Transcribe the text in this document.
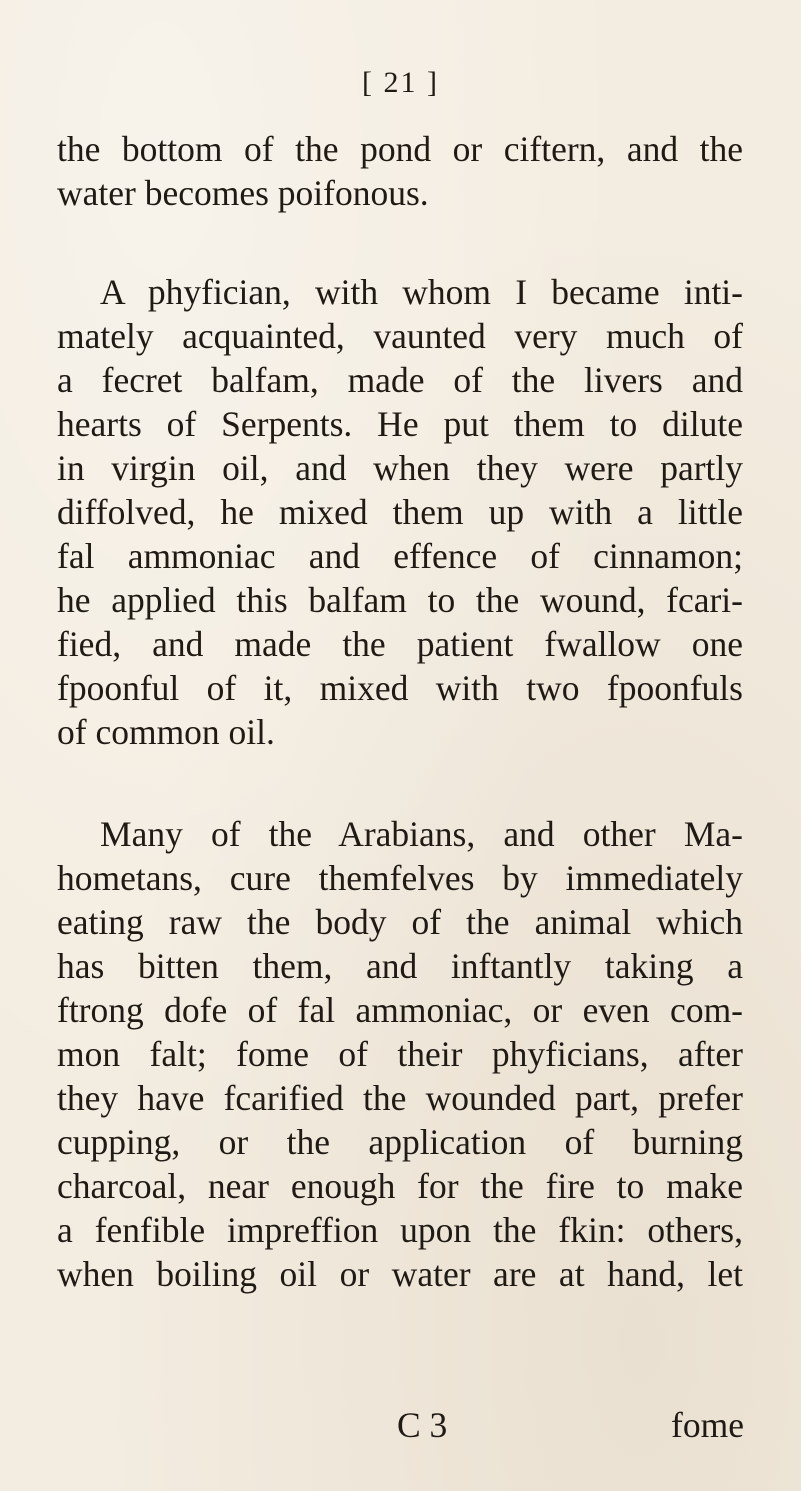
[ 21 ]
the bottom of the pond or ciftern, and the
water becomes poifonous.
A phyfician, with whom I became inti-
mately acquainted, vaunted very much of
a fecret balfam, made of the livers and
hearts of Serpents. He put them to dilute
in virgin oil, and when they were partly
diffolved, he mixed them up with a little
fal ammoniac and effence of cinnamon;
he applied this balfam to the wound, fcari-
fied, and made the patient fwallow one
fpoonful of it, mixed with two fpoonfuls
of common oil.
Many of the Arabians, and other Ma-
hometans, cure themfelves by immediately
eating raw the body of the animal which
has bitten them, and inftantly taking a
ftrong dofe of fal ammoniac, or even com-
mon falt; fome of their phyficians, after
they have fcarified the wounded part, prefer
cupping, or the application of burning
charcoal, near enough for the fire to make
a fenfible impreffion upon the fkin: others,
when boiling oil or water are at hand, let
C 3	fome
